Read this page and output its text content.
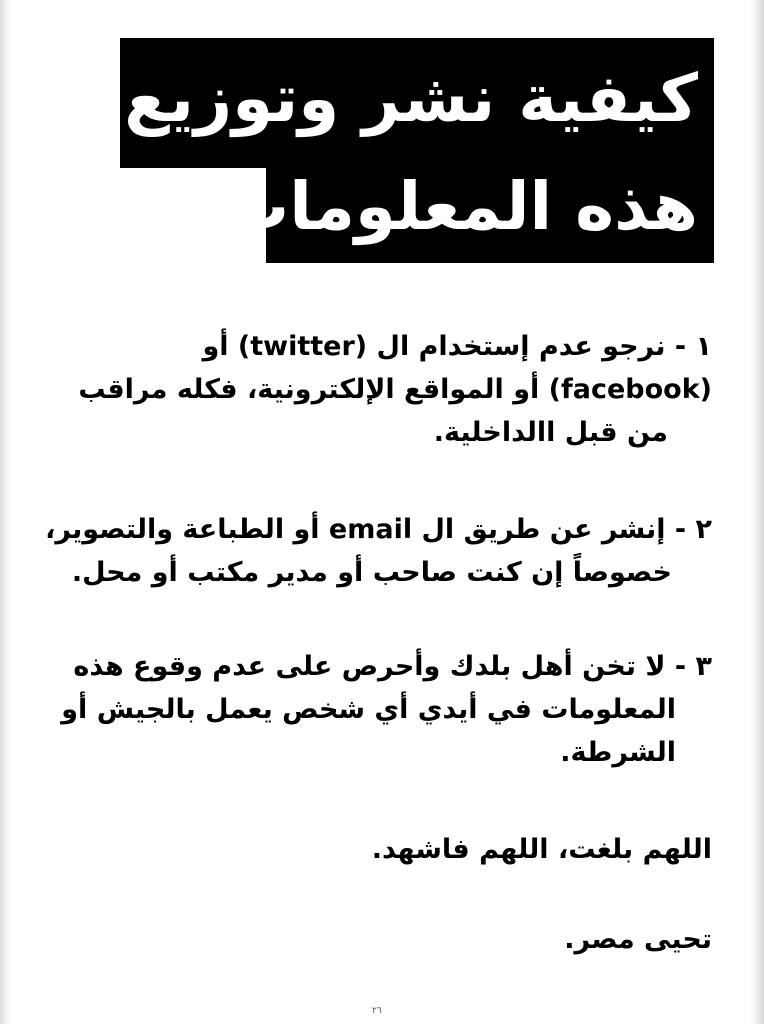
كيفية نشر وتوزيع
هذه المعلومات
١ - نرجو عدم إستخدام ال (twitter) أو
(facebook) أو المواقع الإلكترونية، فكله مراقب
من قبل االداخلية.
٢ - إنشر عن طريق ال email أو الطباعة والتصوير،
خصوصاً إن كنت صاحب أو مدير مكتب أو محل.
٣ - لا تخن أهل بلدك وأحرص على عدم وقوع هذه
المعلومات في أيدي أي شخص يعمل بالجيش أو
الشرطة.
اللهم بلغت، اللهم فاشهد.
تحيى مصر.
٢٦
